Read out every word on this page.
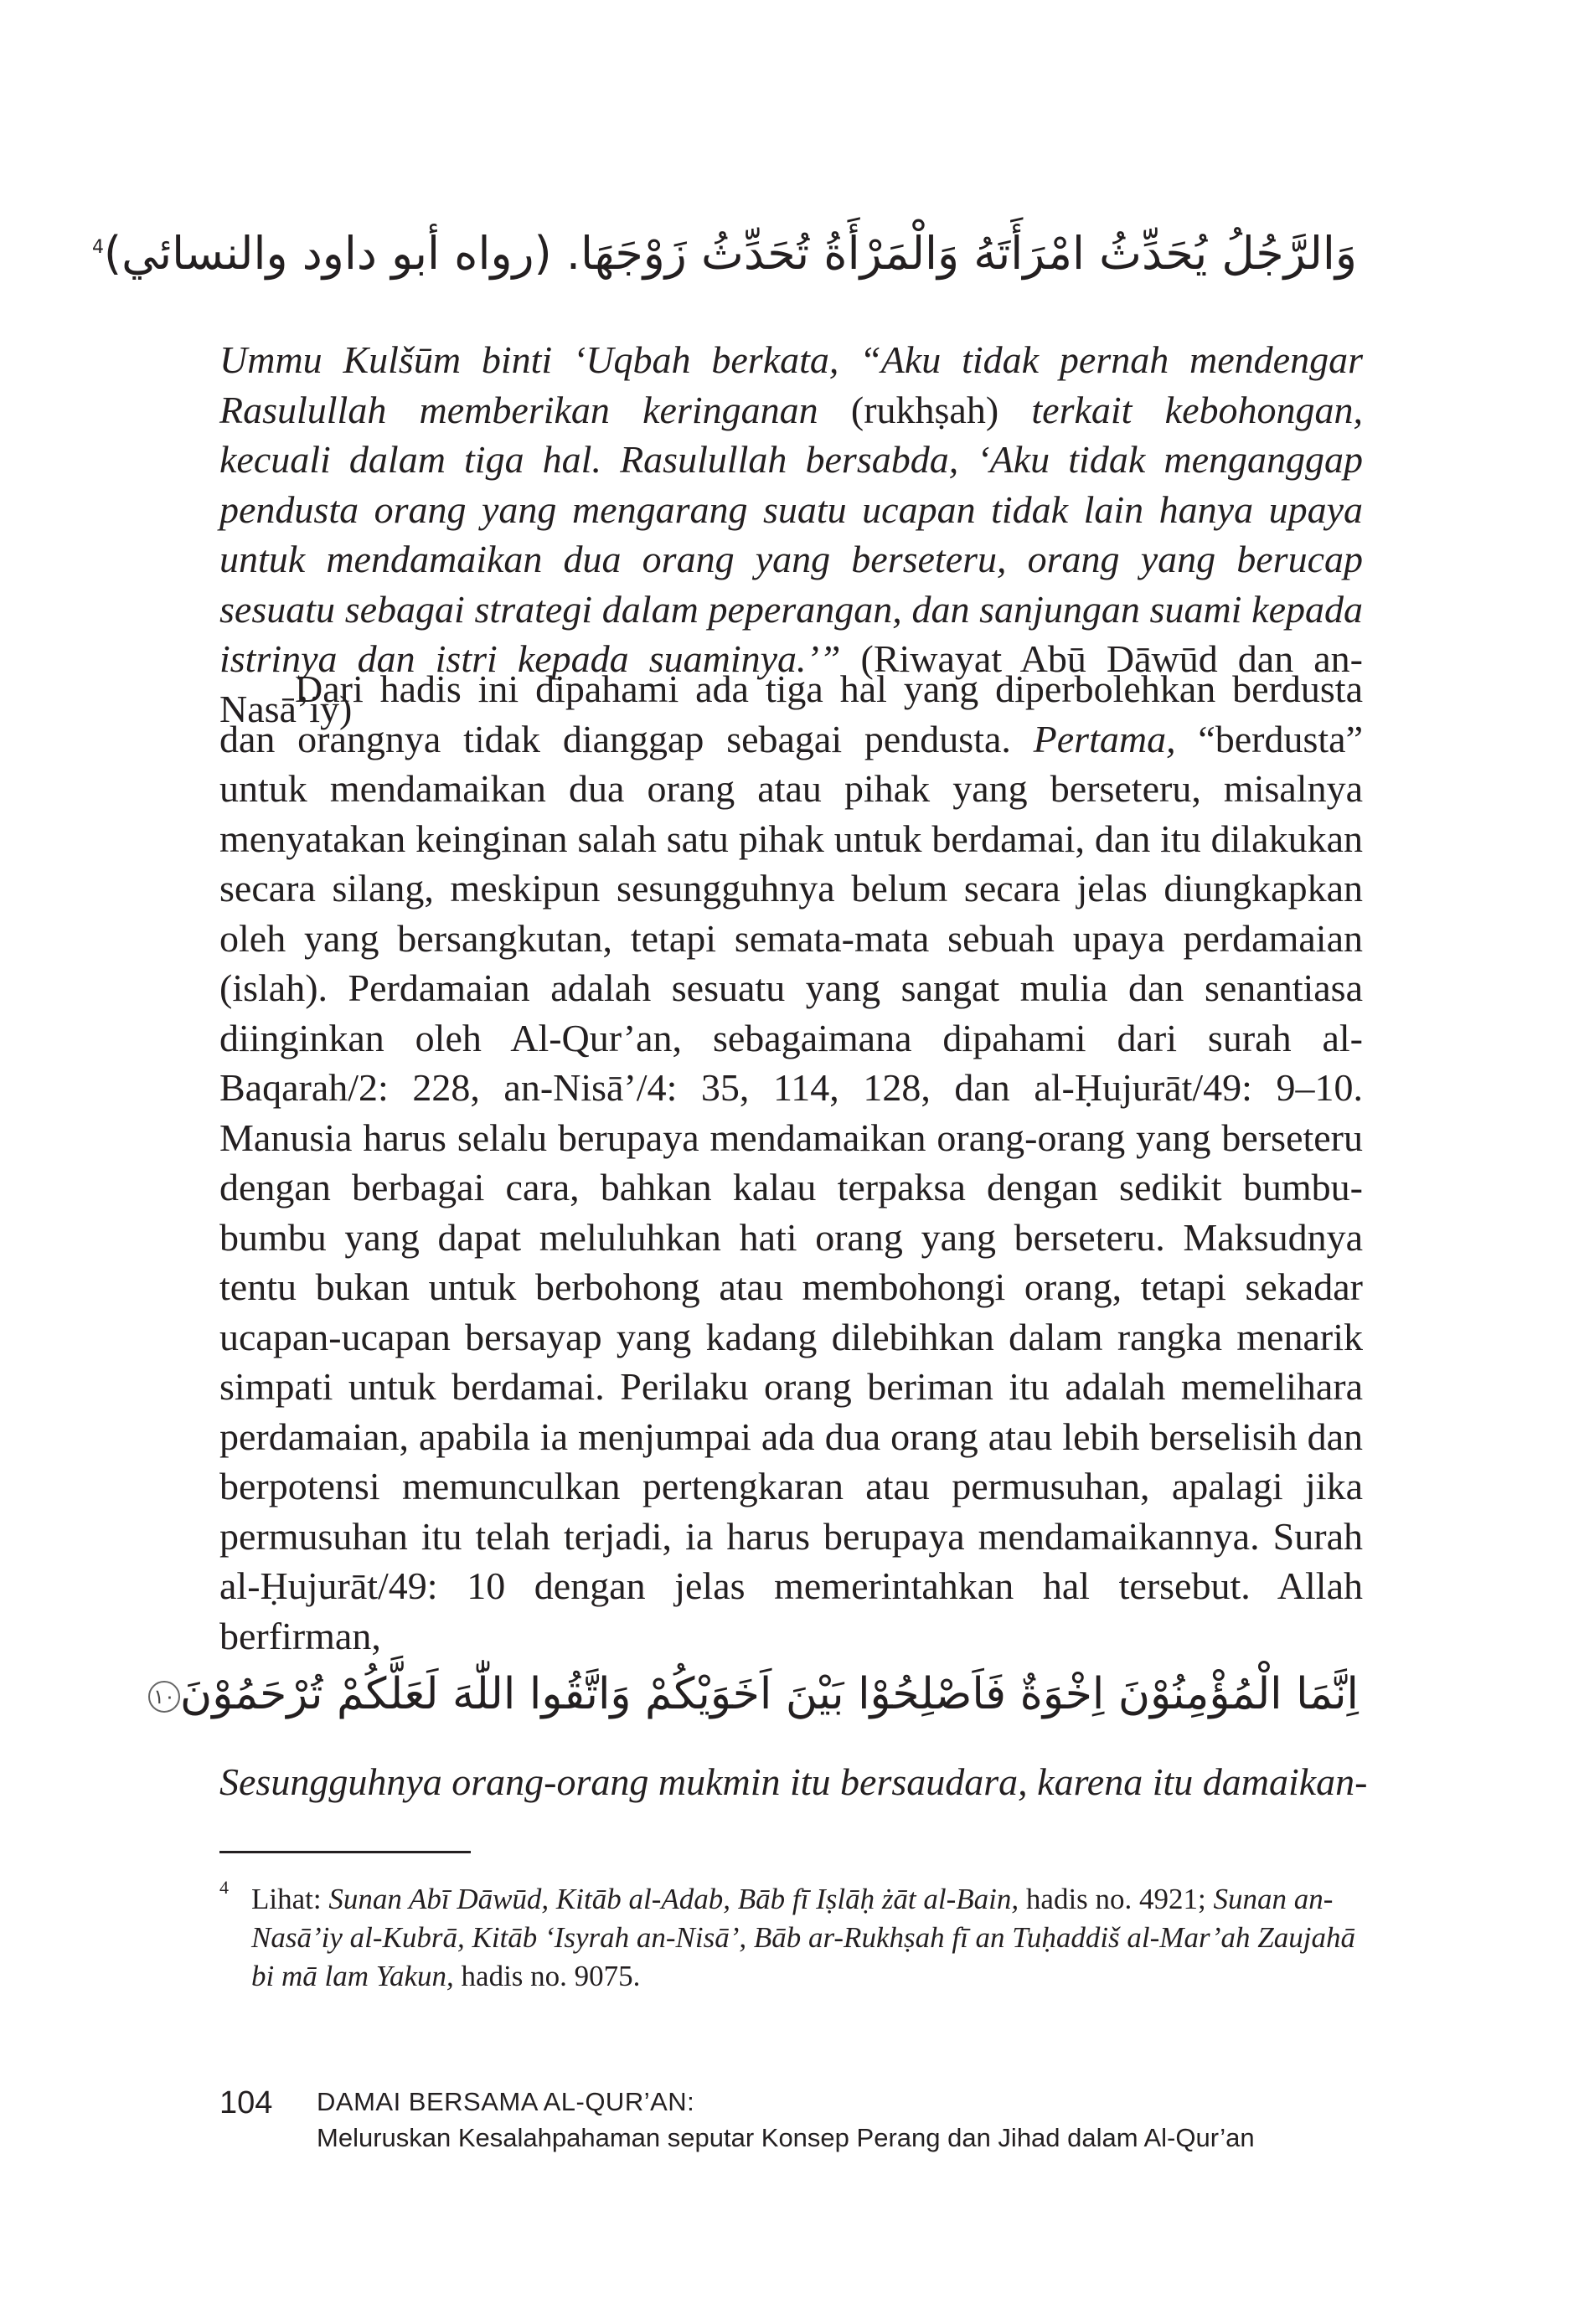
وَالرَّجُلُ يُحَدِّثُ امْرَأَتَهُ وَالْمَرْأَةُ تُحَدِّثُ زَوْجَهَا. (رواه أبو داود والنسائي)$^4$

Ummu Kulšūm binti ‘Uqbah berkata, “Aku tidak pernah mendengar Rasulullah memberikan keringanan (rukhṣah) terkait kebohongan, kecuali dalam tiga hal. Rasulullah bersabda, ‘Aku tidak menganggap pendusta orang yang mengarang suatu ucapan tidak lain hanya upaya untuk mendamaikan dua orang yang berseteru, orang yang berucap sesuatu sebagai strategi dalam peperangan, dan sanjungan suami kepada istrinya dan istri kepada suaminya.’” (Riwayat Abū Dāwūd dan an-Nasā’iy)

Dari hadis ini dipahami ada tiga hal yang diperbolehkan berdusta dan orangnya tidak dianggap sebagai pendusta. Pertama, “berdusta” untuk mendamaikan dua orang atau pihak yang berseteru, misalnya menyatakan keinginan salah satu pihak untuk berdamai, dan itu dilakukan secara silang, meskipun sesungguhnya belum secara jelas diungkapkan oleh yang bersangkutan, tetapi semata-mata sebuah upaya perdamaian (islah). Perdamaian adalah sesuatu yang sangat mulia dan senantiasa diinginkan oleh Al-Qur’an, sebagaimana dipahami dari surah al-Baqarah/2: 228, an-Nisā’/4: 35, 114, 128, dan al-Ḥujurāt/49: 9–10. Manusia harus selalu berupaya mendamaikan orang-orang yang berseteru dengan berbagai cara, bahkan kalau terpaksa dengan sedikit bumbu-bumbu yang dapat meluluhkan hati orang yang berseteru. Maksudnya tentu bukan untuk berbohong atau membohongi orang, tetapi sekadar ucapan-ucapan bersayap yang kadang dilebihkan dalam rangka menarik simpati untuk berdamai. Perilaku orang beriman itu adalah memelihara perdamaian, apabila ia menjumpai ada dua orang atau lebih berselisih dan berpotensi memunculkan pertengkaran atau permusuhan, apalagi jika permusuhan itu telah terjadi, ia harus berupaya mendamaikannya. Surah al-Ḥujurāt/49: 10 dengan jelas memerintahkan hal tersebut. Allah berfirman,

اِنَّمَا الْمُؤْمِنُوْنَ اِخْوَةٌ فَاَصْلِحُوْا بَيْنَ اَخَوَيْكُمْ وَاتَّقُوا اللّٰهَ لَعَلَّكُمْ تُرْحَمُوْنَ١٠

Sesungguhnya orang-orang mukmin itu bersaudara, karena itu damaikan-

4 Lihat: Sunan Abī Dāwūd, Kitāb al-Adab, Bāb fī Iṣlāḥ żāt al-Bain, hadis no. 4921; Sunan an-Nasā’iy al-Kubrā, Kitāb ‘Isyrah an-Nisā’, Bāb ar-Rukhṣah fī an Tuḥaddiš al-Mar’ah Zaujahā bi mā lam Yakun, hadis no. 9075.

104 DAMAI BERSAMA AL-QUR’AN:
Meluruskan Kesalahpahaman seputar Konsep Perang dan Jihad dalam Al-Qur’an
